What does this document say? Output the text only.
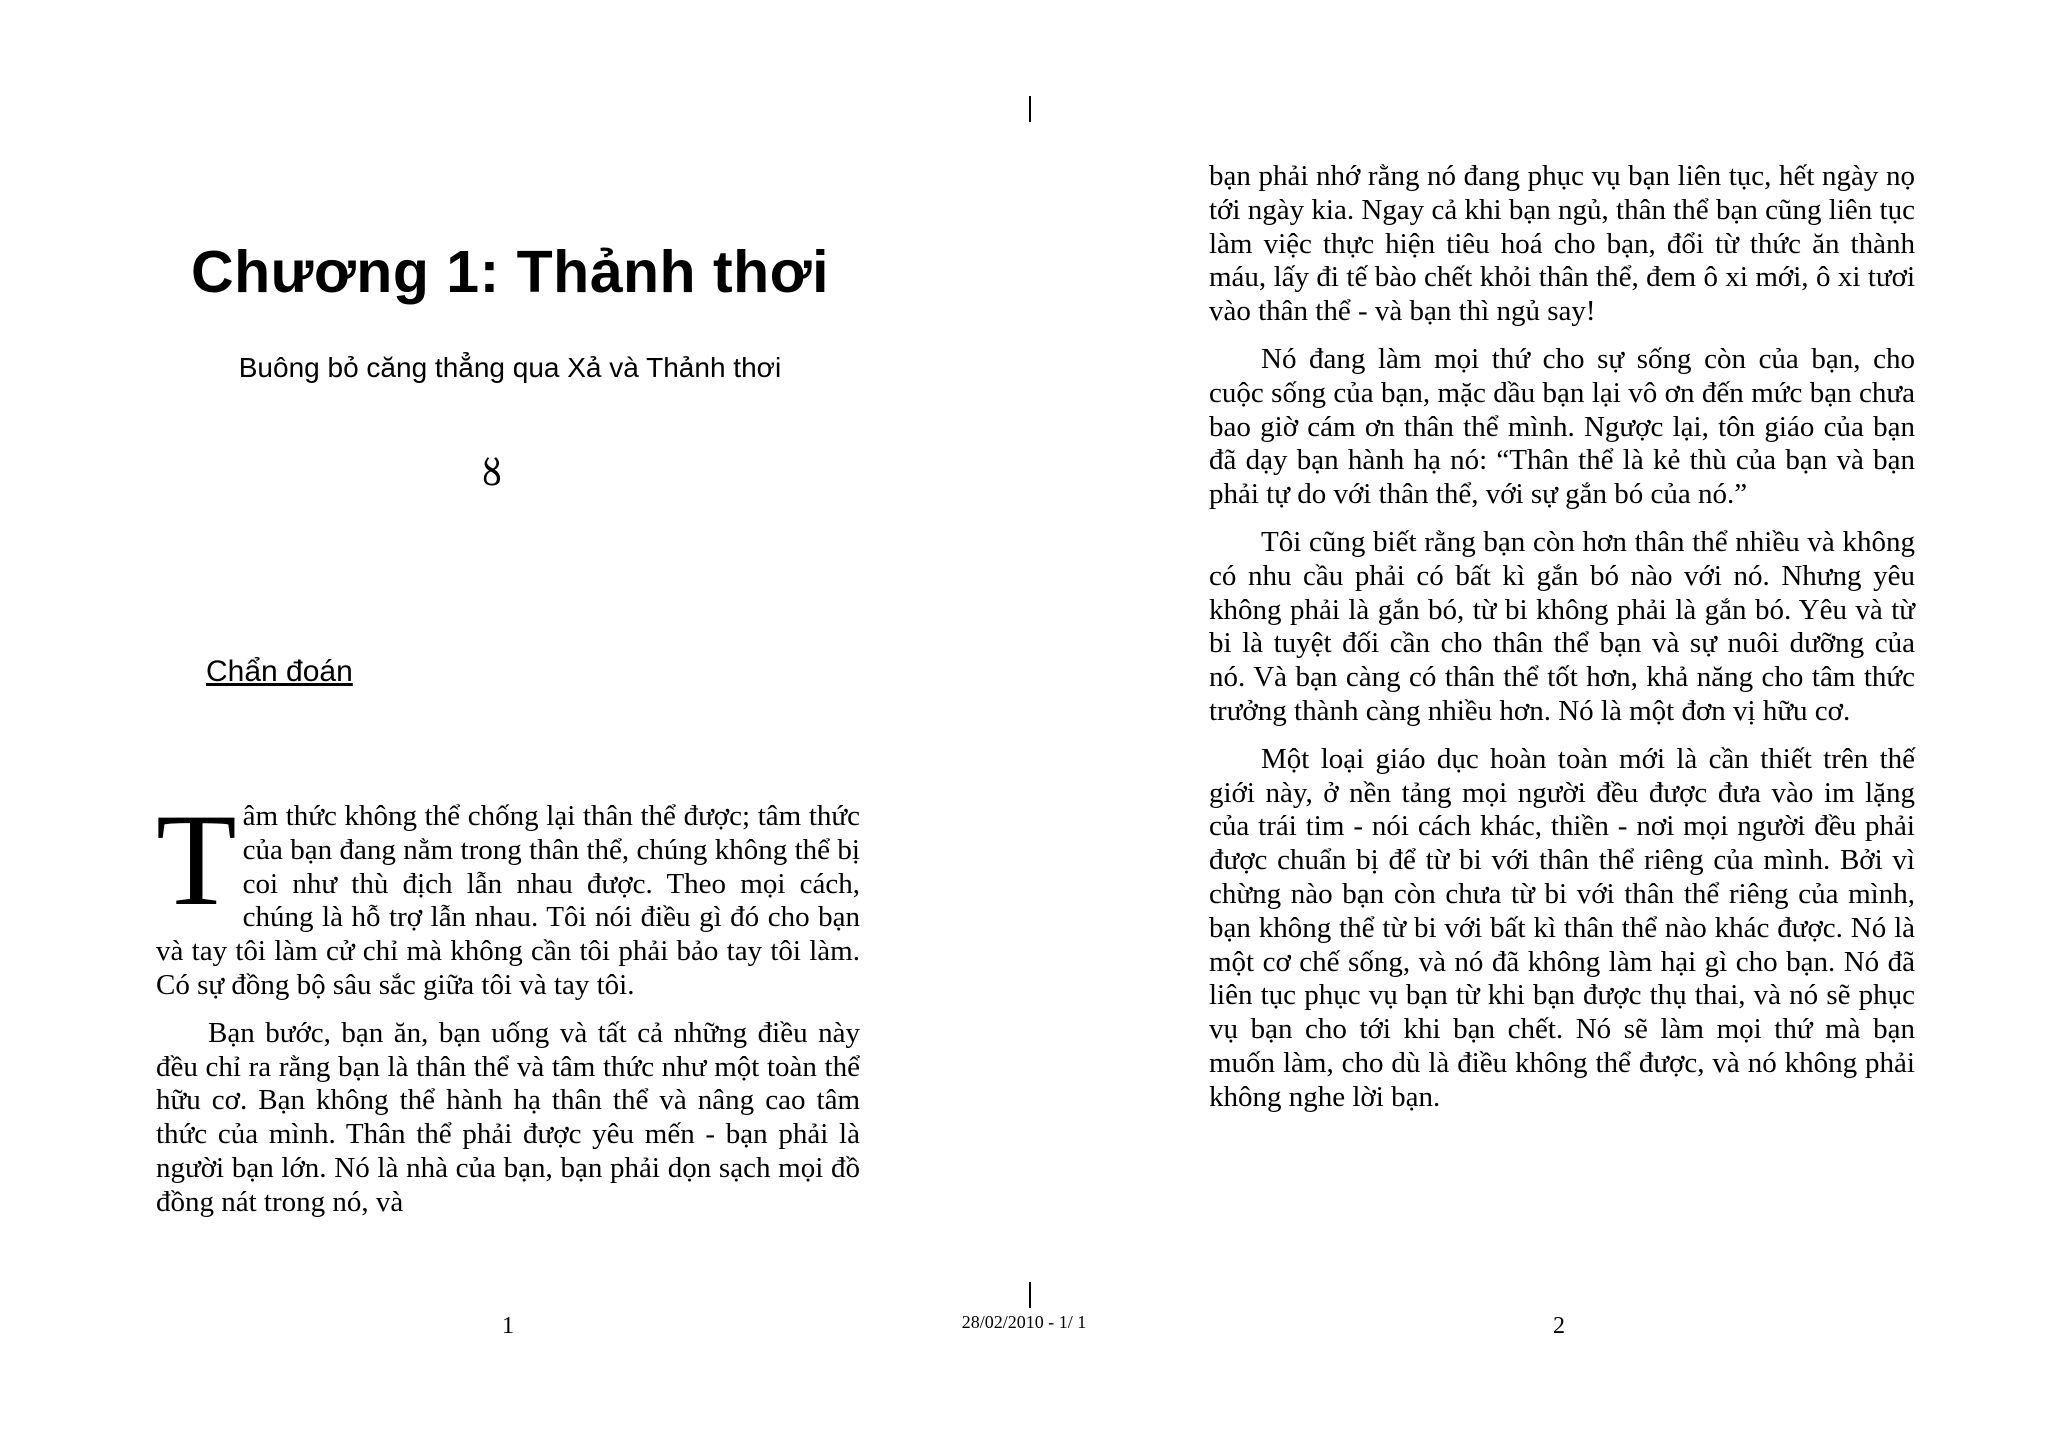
Chương 1: Thảnh thơi
Buông bỏ căng thẳng qua Xả và Thảnh thơi
ȣ
Chẩn đoán

Tâm thức không thể chống lại thân thể được; tâm thức của bạn đang nằm trong thân thể, chúng không thể bị coi như thù địch lẫn nhau được. Theo mọi cách, chúng là hỗ trợ lẫn nhau. Tôi nói điều gì đó cho bạn và tay tôi làm cử chỉ mà không cần tôi phải bảo tay tôi làm. Có sự đồng bộ sâu sắc giữa tôi và tay tôi.

Bạn bước, bạn ăn, bạn uống và tất cả những điều này đều chỉ ra rằng bạn là thân thể và tâm thức như một toàn thể hữu cơ. Bạn không thể hành hạ thân thể và nâng cao tâm thức của mình. Thân thể phải được yêu mến - bạn phải là người bạn lớn. Nó là nhà của bạn, bạn phải dọn sạch mọi đồ đồng nát trong nó, và

1

bạn phải nhớ rằng nó đang phục vụ bạn liên tục, hết ngày nọ tới ngày kia. Ngay cả khi bạn ngủ, thân thể bạn cũng liên tục làm việc thực hiện tiêu hoá cho bạn, đổi từ thức ăn thành máu, lấy đi tế bào chết khỏi thân thể, đem ô xi mới, ô xi tươi vào thân thể - và bạn thì ngủ say!

Nó đang làm mọi thứ cho sự sống còn của bạn, cho cuộc sống của bạn, mặc dầu bạn lại vô ơn đến mức bạn chưa bao giờ cám ơn thân thể mình. Ngược lại, tôn giáo của bạn đã dạy bạn hành hạ nó: “Thân thể là kẻ thù của bạn và bạn phải tự do với thân thể, với sự gắn bó của nó.”

Tôi cũng biết rằng bạn còn hơn thân thể nhiều và không có nhu cầu phải có bất kì gắn bó nào với nó. Nhưng yêu không phải là gắn bó, từ bi không phải là gắn bó. Yêu và từ bi là tuyệt đối cần cho thân thể bạn và sự nuôi dưỡng của nó. Và bạn càng có thân thể tốt hơn, khả năng cho tâm thức trưởng thành càng nhiều hơn. Nó là một đơn vị hữu cơ.

Một loại giáo dục hoàn toàn mới là cần thiết trên thế giới này, ở nền tảng mọi người đều được đưa vào im lặng của trái tim - nói cách khác, thiền - nơi mọi người đều phải được chuẩn bị để từ bi với thân thể riêng của mình. Bởi vì chừng nào bạn còn chưa từ bi với thân thể riêng của mình, bạn không thể từ bi với bất kì thân thể nào khác được. Nó là một cơ chế sống, và nó đã không làm hại gì cho bạn. Nó đã liên tục phục vụ bạn từ khi bạn được thụ thai, và nó sẽ phục vụ bạn cho tới khi bạn chết. Nó sẽ làm mọi thứ mà bạn muốn làm, cho dù là điều không thể được, và nó không phải không nghe lời bạn.

2
28/02/2010 - 1/ 1
